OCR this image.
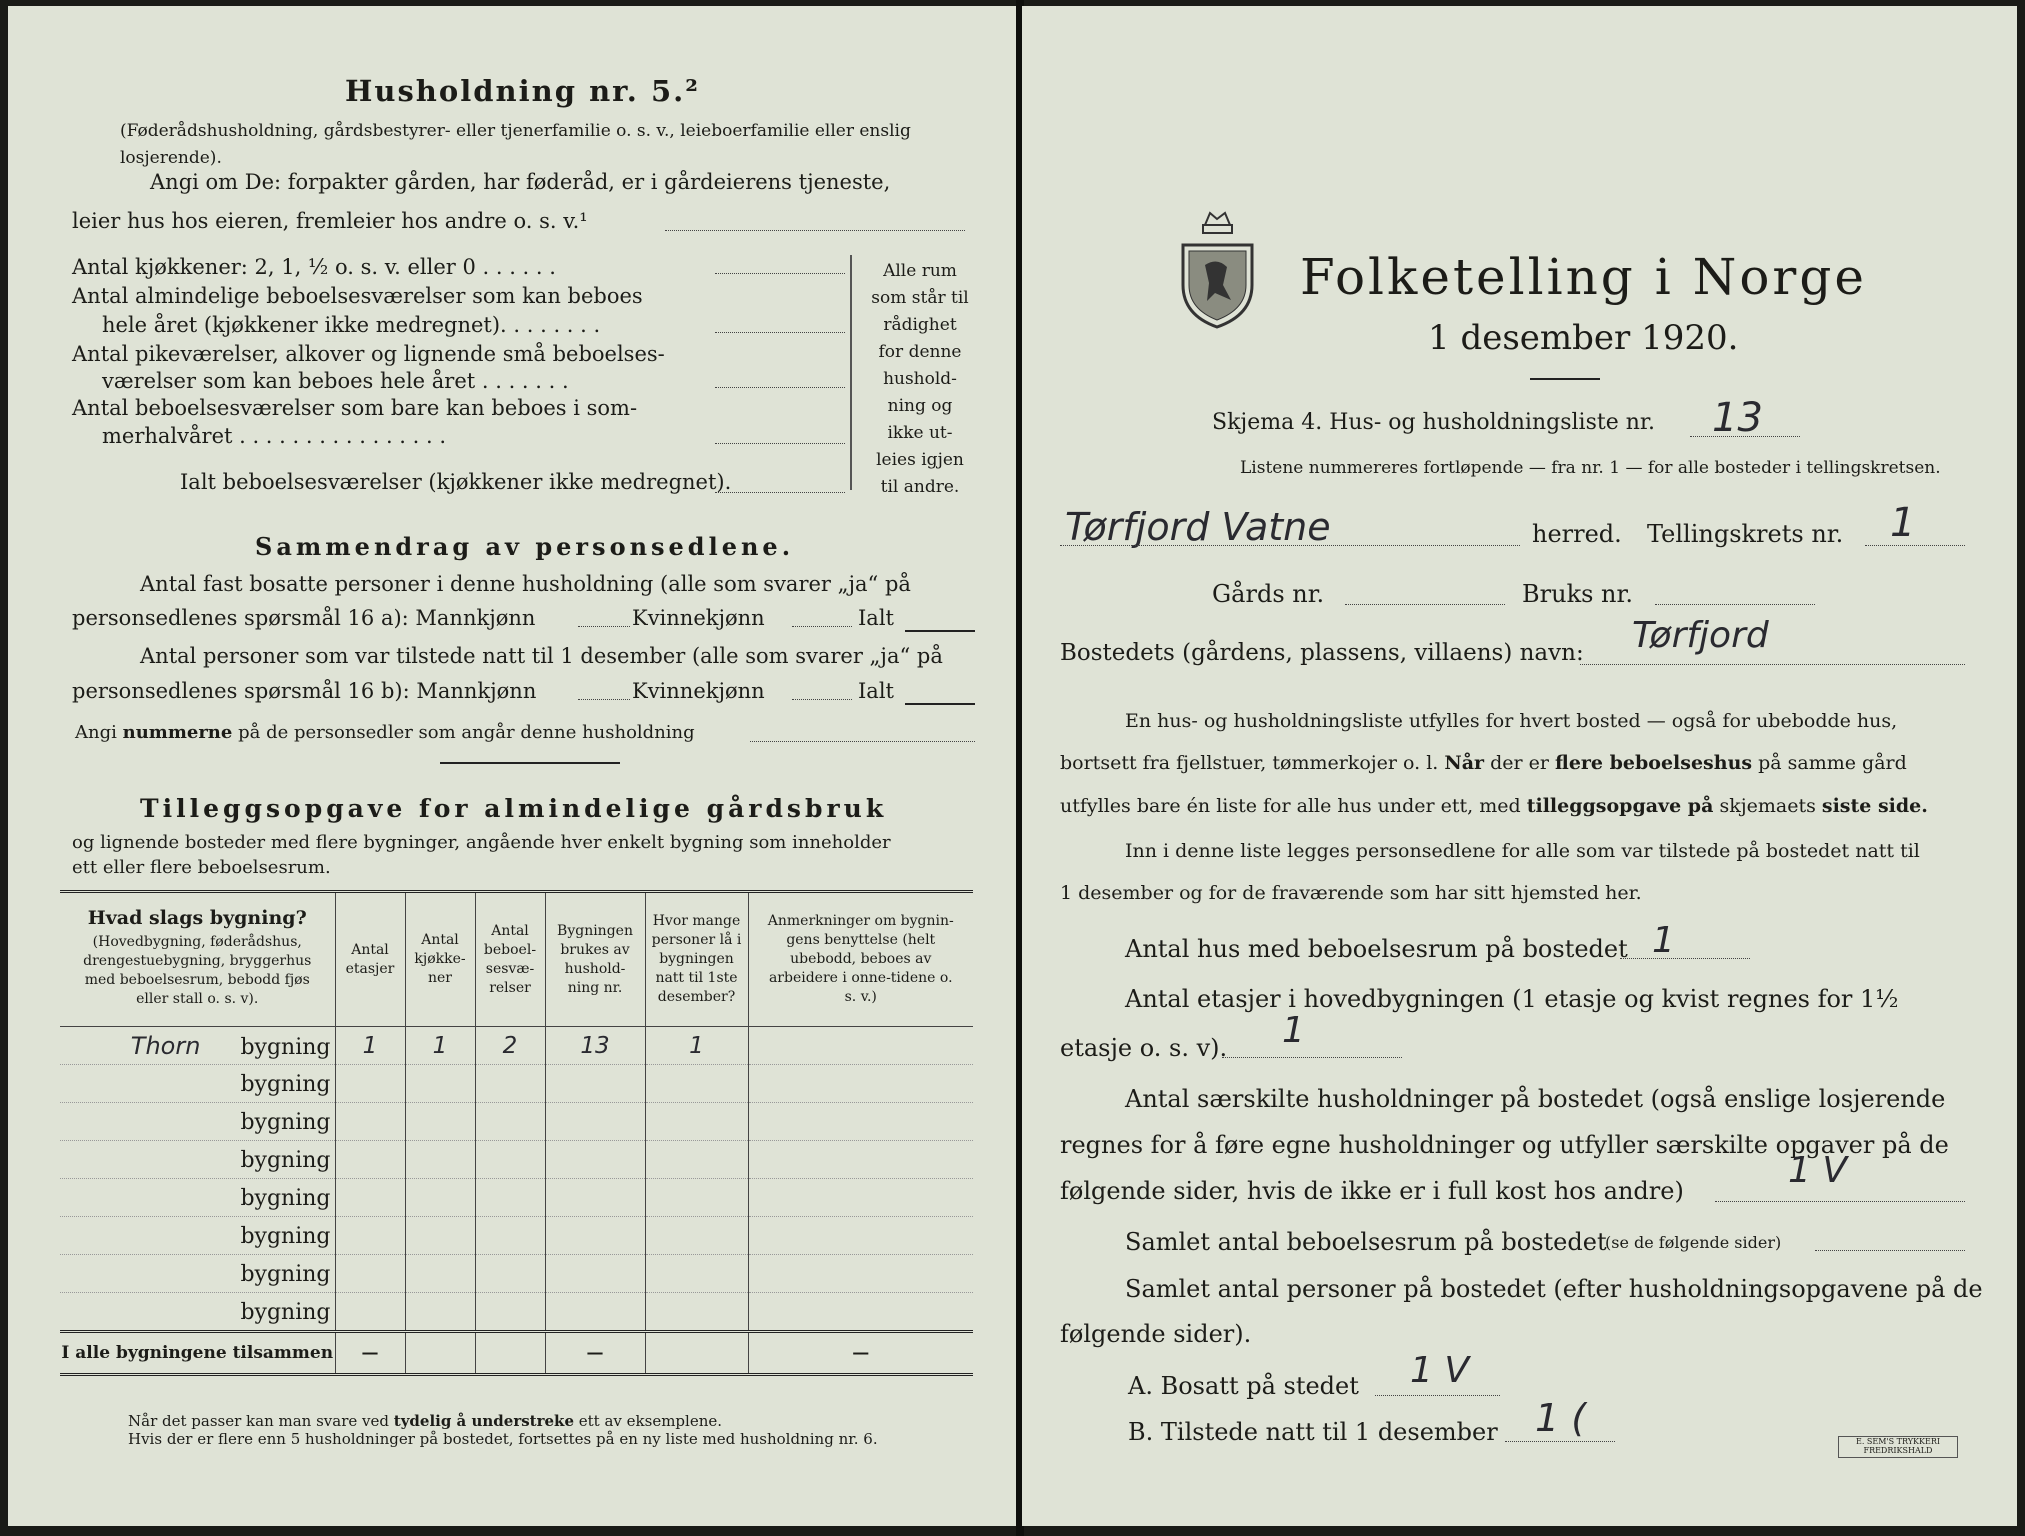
Husholdning nr. 5.²
(Føderådshusholdning, gårdsbestyrer- eller tjenerfamilie o. s. v., leieboerfamilie eller enslig losjerende).
Angi om De: forpakter gården, har føderåd, er i gårdeierens tjeneste,
leier hus hos eieren, fremleier hos andre o. s. v.¹
Antal kjøkkener: 2, 1, ½ o. s. v. eller 0 . . . . . .
Antal almindelige beboelsesværelser som kan beboes
hele året (kjøkkener ikke medregnet). . . . . . . .
Antal pikeværelser, alkover og lignende små beboelses-
værelser som kan beboes hele året . . . . . . .
Antal beboelsesværelser som bare kan beboes i som-
merhalvåret . . . . . . . . . . . . . . . .
Ialt beboelsesværelser (kjøkkener ikke medregnet).
Alle rum
som står til
rådighet
for denne
hushold-
ning og
ikke ut-
leies igjen
til andre.
Sammendrag av personsedlene.
Antal fast bosatte personer i denne husholdning (alle som svarer „ja“ på
personsedlenes spørsmål 16 a): Mannkjønn	Kvinnekjønn	Ialt
Antal personer som var tilstede natt til 1 desember (alle som svarer „ja“ på
personsedlenes spørsmål 16 b): Mannkjønn	Kvinnekjønn	Ialt
Angi nummerne på de personsedler som angår denne husholdning
Tilleggsopgave for almindelige gårdsbruk
og lignende bosteder med flere bygninger, angående hver enkelt bygning som inneholder
ett eller flere beboelsesrum.
Hvad slags bygning?
(Hovedbygning, føderådshus, drengestuebygning, bryggerhus med beboelsesrum, bebodd fjøs eller stall o. s. v).	Antal etasjer	Antal kjøkke-ner	Antal beboel-sesvæ-relser	Bygningen brukes av hushold-ning nr.	Hvor mange personer lå i bygningen natt til 1ste desember?	Anmerkninger om bygnin-gens benyttelse (helt ubebodd, beboes av arbeidere i onne-tidene o. s. v.)
Thorn bygning	1	1	2	13	1	
bygning						
bygning						
bygning						
bygning						
bygning						
bygning						
bygning						
I alle bygningene tilsammen	—			—		—
Når det passer kan man svare ved tydelig å understreke ett av eksemplene.
Hvis der er flere enn 5 husholdninger på bostedet, fortsettes på en ny liste med husholdning nr. 6.
Folketelling i Norge
1 desember 1920.
Skjema 4. Hus- og husholdningsliste nr. 13
Listene nummereres fortløpende — fra nr. 1 — for alle bosteder i tellingskretsen.
Tørfjord Vatne	herred. Tellingskrets nr. 1
Gårds nr.	Bruks nr.
Bostedets (gårdens, plassens, villaens) navn: Tørfjord
En hus- og husholdningsliste utfylles for hvert bosted — også for ubebodde hus,
bortsett fra fjellstuer, tømmerkojer o. l. Når der er flere beboelseshus på samme gård
utfylles bare én liste for alle hus under ett, med tilleggsopgave på skjemaets siste side.
Inn i denne liste legges personsedlene for alle som var tilstede på bostedet natt til
1 desember og for de fraværende som har sitt hjemsted her.
Antal hus med beboelsesrum på bostedet 1
Antal etasjer i hovedbygningen (1 etasje og kvist regnes for 1½
etasje o. s. v). 1
Antal særskilte husholdninger på bostedet (også enslige losjerende
regnes for å føre egne husholdninger og utfyller særskilte opgaver på de
følgende sider, hvis de ikke er i full kost hos andre)	1 V
Samlet antal beboelsesrum på bostedet
(se de følgende sider)
Samlet antal personer på bostedet (efter husholdningsopgavene på de
følgende sider).
A. Bosatt på stedet 1 V
B. Tilstede natt til 1 desember 1 (
E. SEM'S TRYKKERI FREDRIKSHALD
